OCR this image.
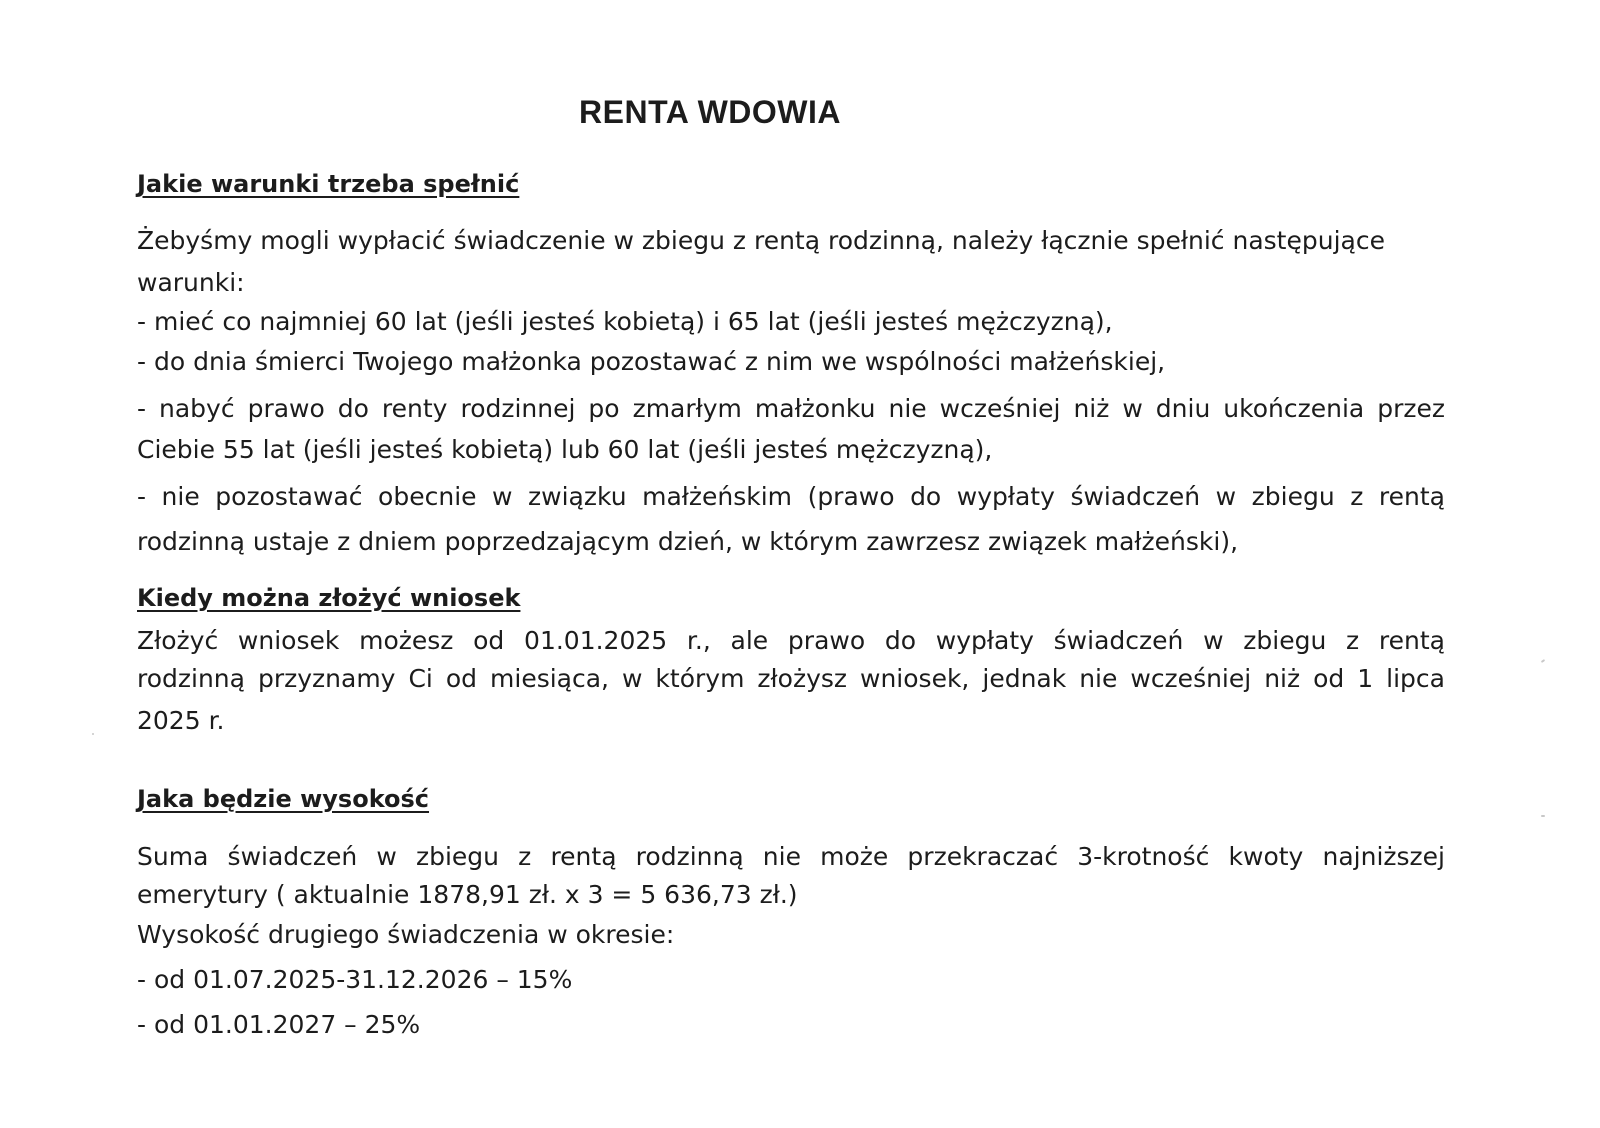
RENTA WDOWIA
Jakie warunki trzeba spełnić
Żebyśmy mogli wypłacić świadczenie w zbiegu z rentą rodzinną, należy łącznie spełnić następujące
warunki:
- mieć co najmniej 60 lat (jeśli jesteś kobietą) i 65 lat (jeśli jesteś mężczyzną),
- do dnia śmierci Twojego małżonka pozostawać z nim we wspólności małżeńskiej,
- nabyć prawo do renty rodzinnej po zmarłym małżonku nie wcześniej niż w dniu ukończenia przez
Ciebie 55 lat (jeśli jesteś kobietą) lub 60 lat (jeśli jesteś mężczyzną),
- nie pozostawać obecnie w związku małżeńskim (prawo do wypłaty świadczeń w zbiegu z rentą
rodzinną ustaje z dniem poprzedzającym dzień, w którym zawrzesz związek małżeński),
Kiedy można złożyć wniosek
Złożyć wniosek możesz od 01.01.2025 r., ale prawo do wypłaty świadczeń w zbiegu z rentą
rodzinną przyznamy Ci od miesiąca, w którym złożysz wniosek, jednak nie wcześniej niż od 1 lipca
2025 r.
Jaka będzie wysokość
Suma świadczeń w zbiegu z rentą rodzinną nie może przekraczać 3-krotność kwoty najniższej
emerytury ( aktualnie 1878,91 zł. x 3 = 5 636,73 zł.)
Wysokość drugiego świadczenia w okresie:
- od 01.07.2025-31.12.2026 – 15%
- od 01.01.2027 – 25%
